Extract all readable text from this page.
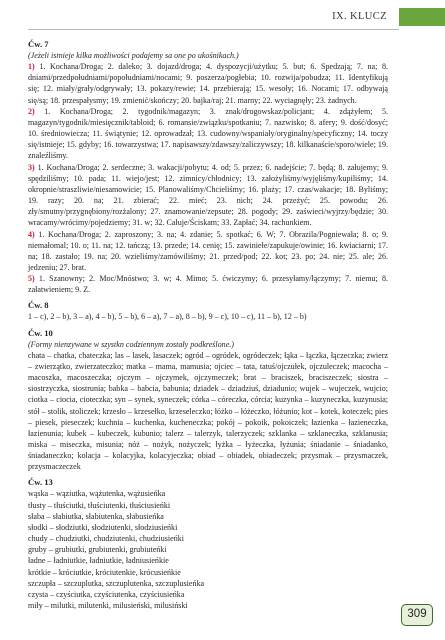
IX. KLUCZ

Ćw. 7

(Jeżeli istnieje kilka możliwości podajemy sa one po ukośnikach.)

1) 1. Kochana/Droga; 2. daleko; 3. dojazd/droga; 4. dyspozycji/użytku; 5. but; 6. Spedzają; 7. na; 8. dniami/przedpołudniami/popołudniami/nocami; 9. poszerza/pogłebia; 10. rozwija/pobudza; 11. Identyfikują się; 12. miały/grały/odgrywały; 13. pokazy/rewie; 14. przebierają; 15. wesoły; 16. Nocami; 17. odbywają się/są; 18. przespałysmy; 19. zmienić/skończy; 20. bajka/raj; 21. marny; 22. wyciagnęły; 23. żadnych.

2) 1. Kochana/Droga; 2. tygodnik/magazyn; 3. znak/drogowskaz/policjant; 4. zdążyłem; 5. magazyn/tygodnik/miesięcznik/tabloid; 6. romansie/związku/spotkaniu; 7. nazwisko; 8. afery; 9. dość/dosyć; 10. średniowiecza; 11. świątynie; 12. oprowadzał; 13. cudowny/wspaniały/oryginalny/specyficzny; 14. toczy się/istnieje; 15. gdyby; 16. towarzystwa; 17. napisawszy/zdawszy/zaliczywszy; 18. kilkanaście/sporo/wiele; 19. znaleźliśmy.

3) 1. Kochana/Droga; 2. serdeczne; 3. wakacji/pobytu; 4. od; 5. przez; 6. nadejście; 7. będą; 8. załujemy; 9. spędziliśmy; 10. pada; 11. wiejo/jest; 12. zimnicy/chłodnicy; 13. założyliśmy/wyjęliśmy/kupiliśmy; 14. okropnie/straszliwie/niesamowicie; 15. Planowaliśmy/Chcieliśmy; 16. plaży; 17. czas/wakacje; 18. Byliśmy; 19. razy; 20. na; 21. zbierać; 22. mieć; 23. nich; 24. przeżyć; 25. powodu; 26. zły/smutny/przygnębiony/rozżalony; 27. znamowanie/zepsute; 28. pogody; 29. zaświeci/wyjrzy/będzie; 30. wracamy/wrócimy/pojedziemy; 31. w; 32. Całuje/Ściskam; 33. Zapłać; 34. rachunkiem.

4) 1. Kochana/Droga; 2. zaproszony; 3. na; 4. zdanie; 5. spotkać; 6. W; 7. Obrazila/Pogniewała; 8. o; 9. niemałomal; 10. o; 11. na; 12. tańczą; 13. przede; 14. cenię; 15. zawiniełe/zapukuje/owinie; 16. kwiaciarni; 17. na; 18. zastało; 19. na; 20. wzieliśmy/zamówiliśmy; 21. przed/pod; 22. kot; 23. po; 24. nie; 25. ale; 26. jedzeniu; 27. brat.

5) 1. Szanowny; 2. Moc/Mnóstwo; 3. w; 4. Mimo; 5. ćwiczymy; 6. przesyłamy/łączymy; 7. niemu; 8. załatwieniem; 9. Z.

Ćw. 8

1 – c), 2 – b), 3 – a), 4 – b), 5 – b), 6 – a), 7 – a), 8 – b), 9 – c), 10 – c), 11 – b), 12 – b)

Ćw. 10

(Formy nienzywane w szystkn codziennym zostały podkreślone.)

chata – chatka, chateczka; las – lasek, lasaczek; ogród – ogródek, ogródeczek; łąka – łączka, łączeczka; zwierz – zwierzątko, zwierzateczko; matka – mama, mamusia; ojciec – tata, tatuś/ojczułek, ojczuleczek; macocha – macoszka, macoszeczka; ojczym – ojczymek, ojczymeczek; brat – braciszek, braciszeczek; siostra – siostrzyczka, siostrunia; babka – babcia, babunia; dziadek – dziadziuś, dziadunio; wujek – wujeczek, wujcio; ciotka – ciocia, cioteczka; syn – synek, syneczek; córka – córeczka, córcia; kuzynka – kuzyneczka, kuzynusia; stół – stolik, stoliczek; krzesło – krzesełko, krzeseleczko; łóżko – łóżeczko, łóżunio; kot – kotek, koteczek; pies – piesek, pieseczek; kuchnia – kuchenka, kucheneczka; pokój – pokoik, pokoiczek; łazienka – łazieneczka, łazienunia; kubek – kubeczek, kubunio; talerz – talerzyk, talerzyczek; szklanka – szklaneczka, szklanusia; miska – miseczka, misunia; nóż – nożyk, nożyczek; łyżka – łyżeczka, łyżunia; śniadanie – śniadanko, śniadaneczko; kolacja – kolacyjka, kolacyjeczka; obiad – obiadek, obiadeczek; przysmak – przysmaczek, przysmaczeczek

Ćw. 13

wąska – wąziutka, wążutenka, wążusieńka

tłusty – tłuściutki, tłuściutenki, tłuściusieńki

słaba – słabiutka, słabiutenka, słabusieńka

słodki – słodziutki, słodziutenki, słodziusieńki

chudy – chudziutki, chudziutenki, chudziusieńki

gruby – grubiutki, grubiutenki, grubiuteńki

ładne – ładniutkie, ładniutkie, ładniusieńkie

krótkie – króciutkie, króciutenkie, krócusieńkie

szczupła – szczuplutka, szczuplutenka, szczuplusieńka

czysta – czyściutka, czyściutenka, czyściusieńka

miły – milutki, milutenki, milusieński, milusiński

309
